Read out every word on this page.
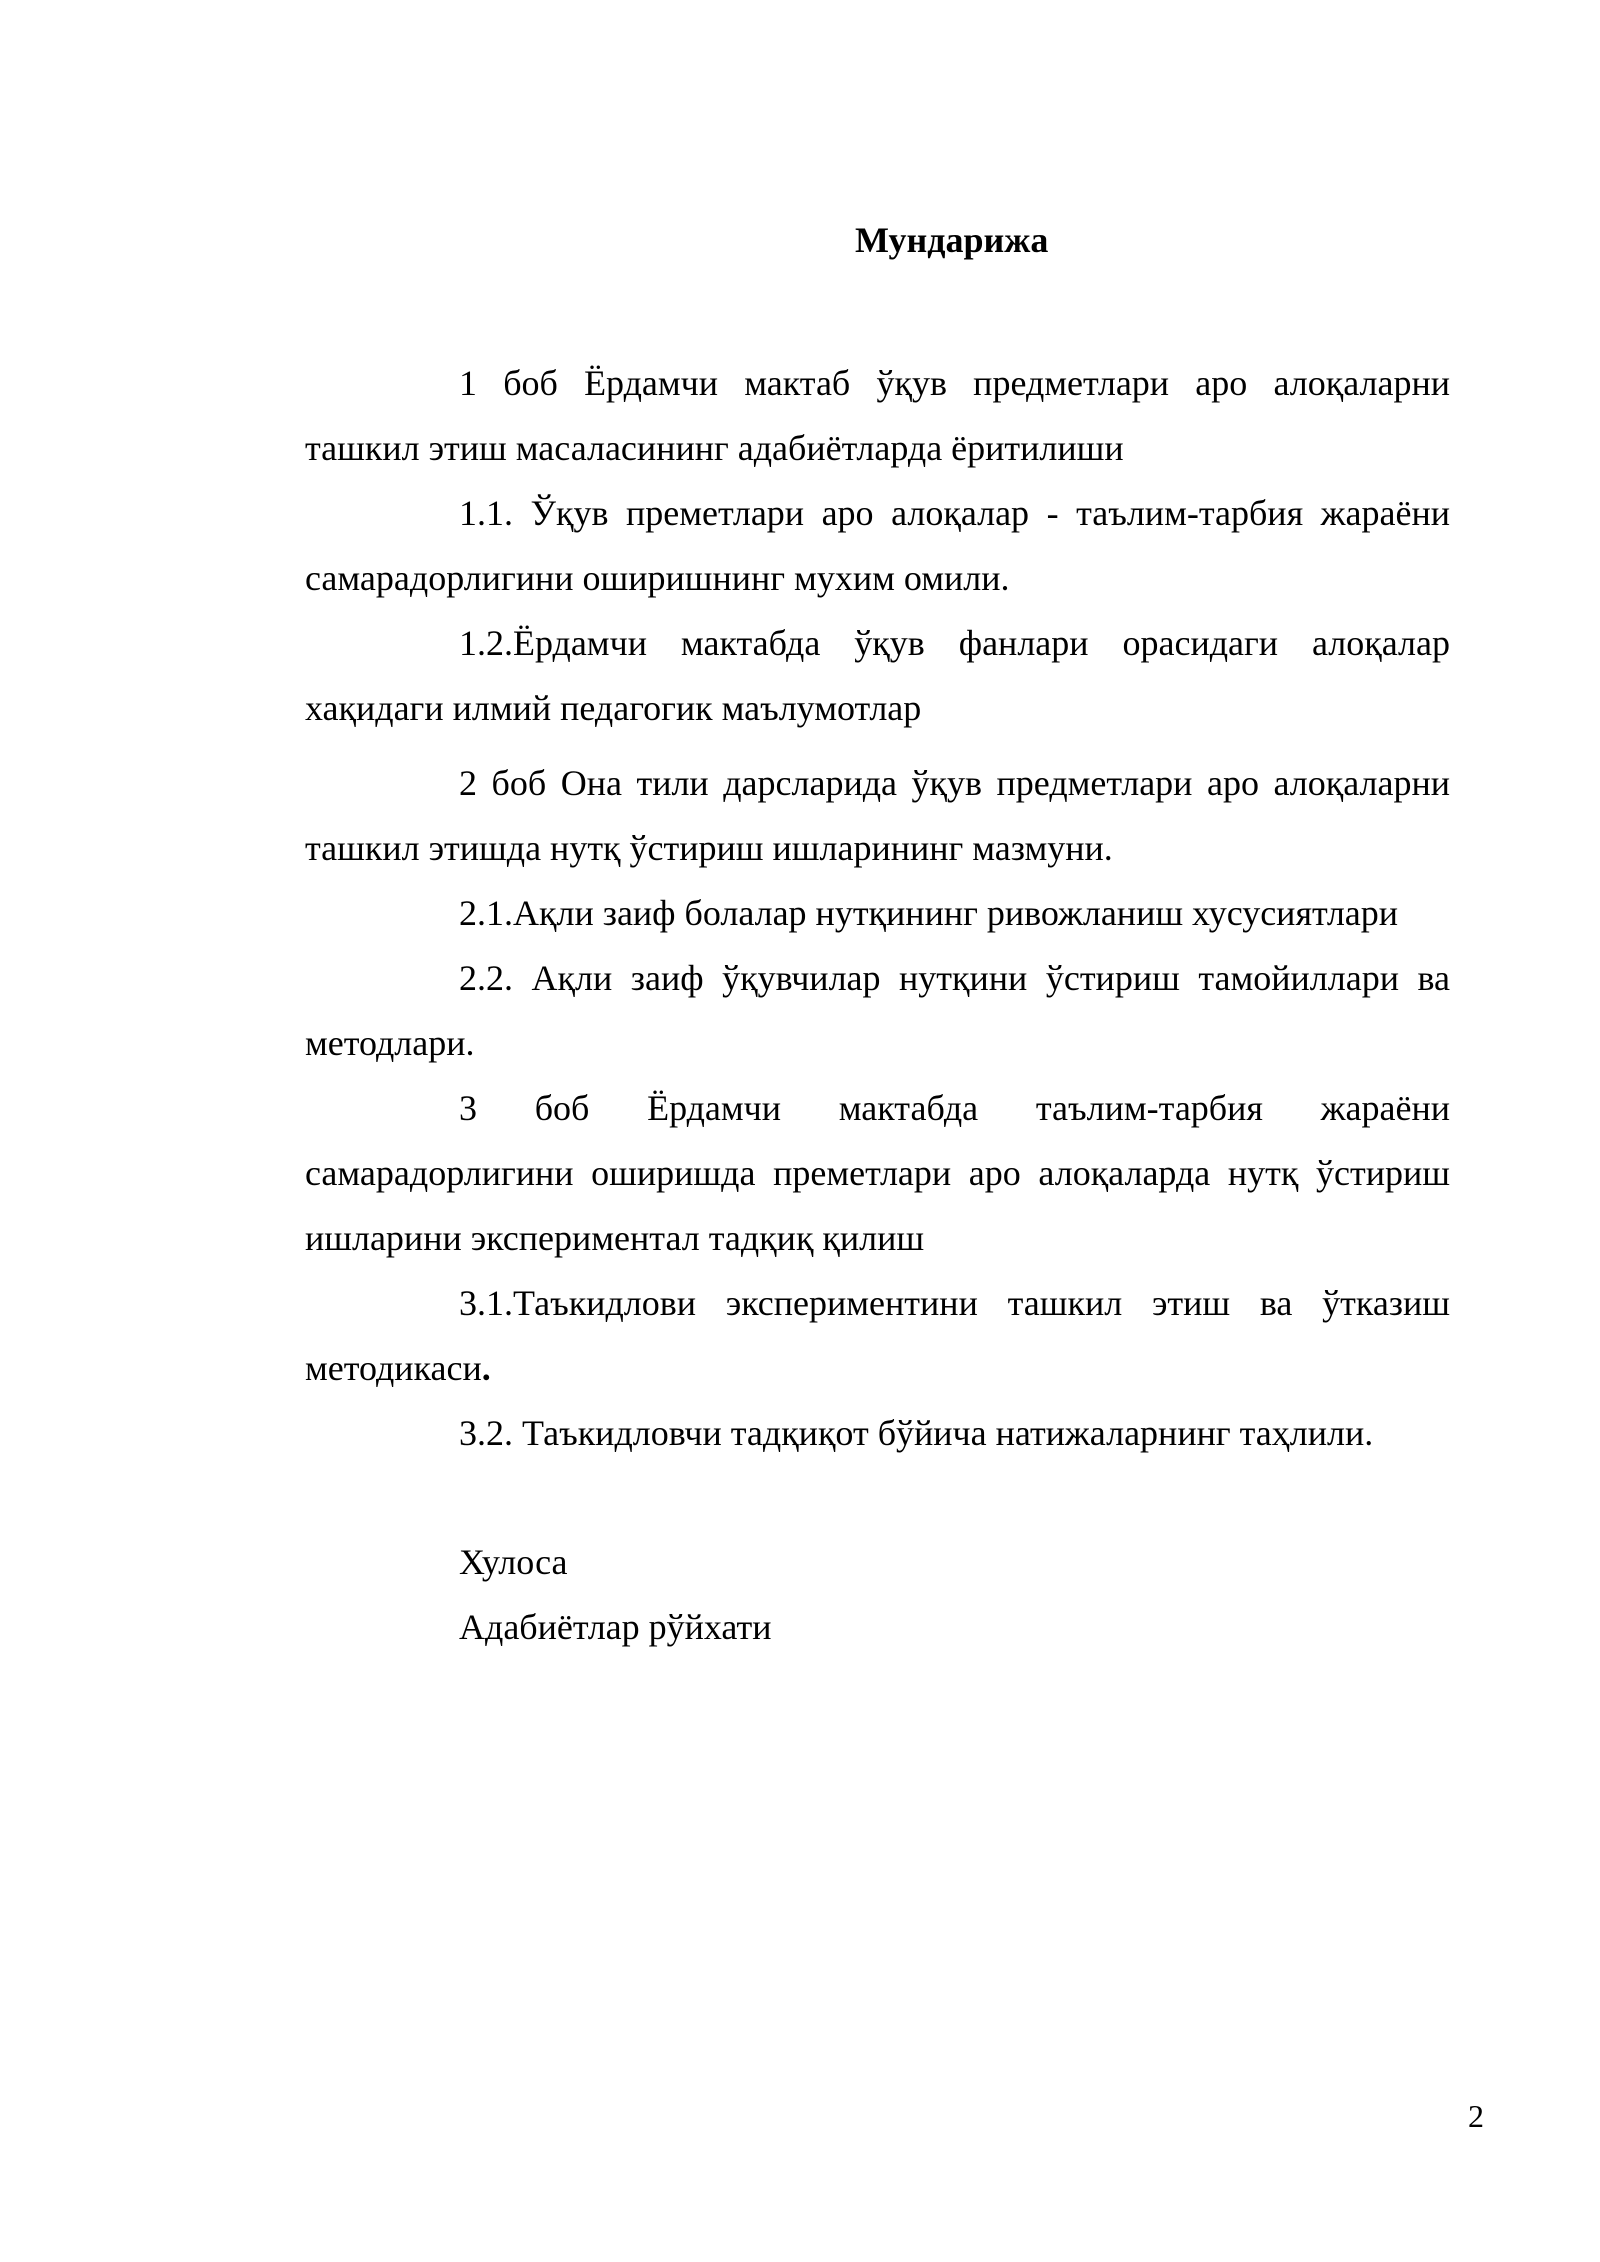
Мундарижа

1 боб Ёрдамчи мактаб ўқув предметлари аро алоқаларни ташкил этиш масаласининг адабиётларда ёритилиши

1.1. Ўқув преметлари аро алоқалар - таълим-тарбия жараёни самарадорлигини оширишнинг мухим омили.

1.2.Ёрдамчи мактабда ўқув фанлари орасидаги алоқалар хақидаги илмий педагогик маълумотлар

2 боб Она тили дарсларида ўқув предметлари аро алоқаларни ташкил этишда нутқ ўстириш ишларининг мазмуни.

2.1.Ақли заиф болалар нутқининг ривожланиш хусусиятлари

2.2. Ақли заиф ўқувчилар нутқини ўстириш тамойиллари ва методлари.

3 боб Ёрдамчи мактабда таълим-тарбия жараёни самарадорлигини оширишда преметлари аро алоқаларда нутқ ўстириш ишларини экспериментал тадқиқ қилиш

3.1.Таъкидлови экспериментини ташкил этиш ва ўтказиш методикаси.

3.2. Таъкидловчи тадқиқот бўйича натижаларнинг таҳлили.

Хулоса

Адабиётлар рўйхати

2
